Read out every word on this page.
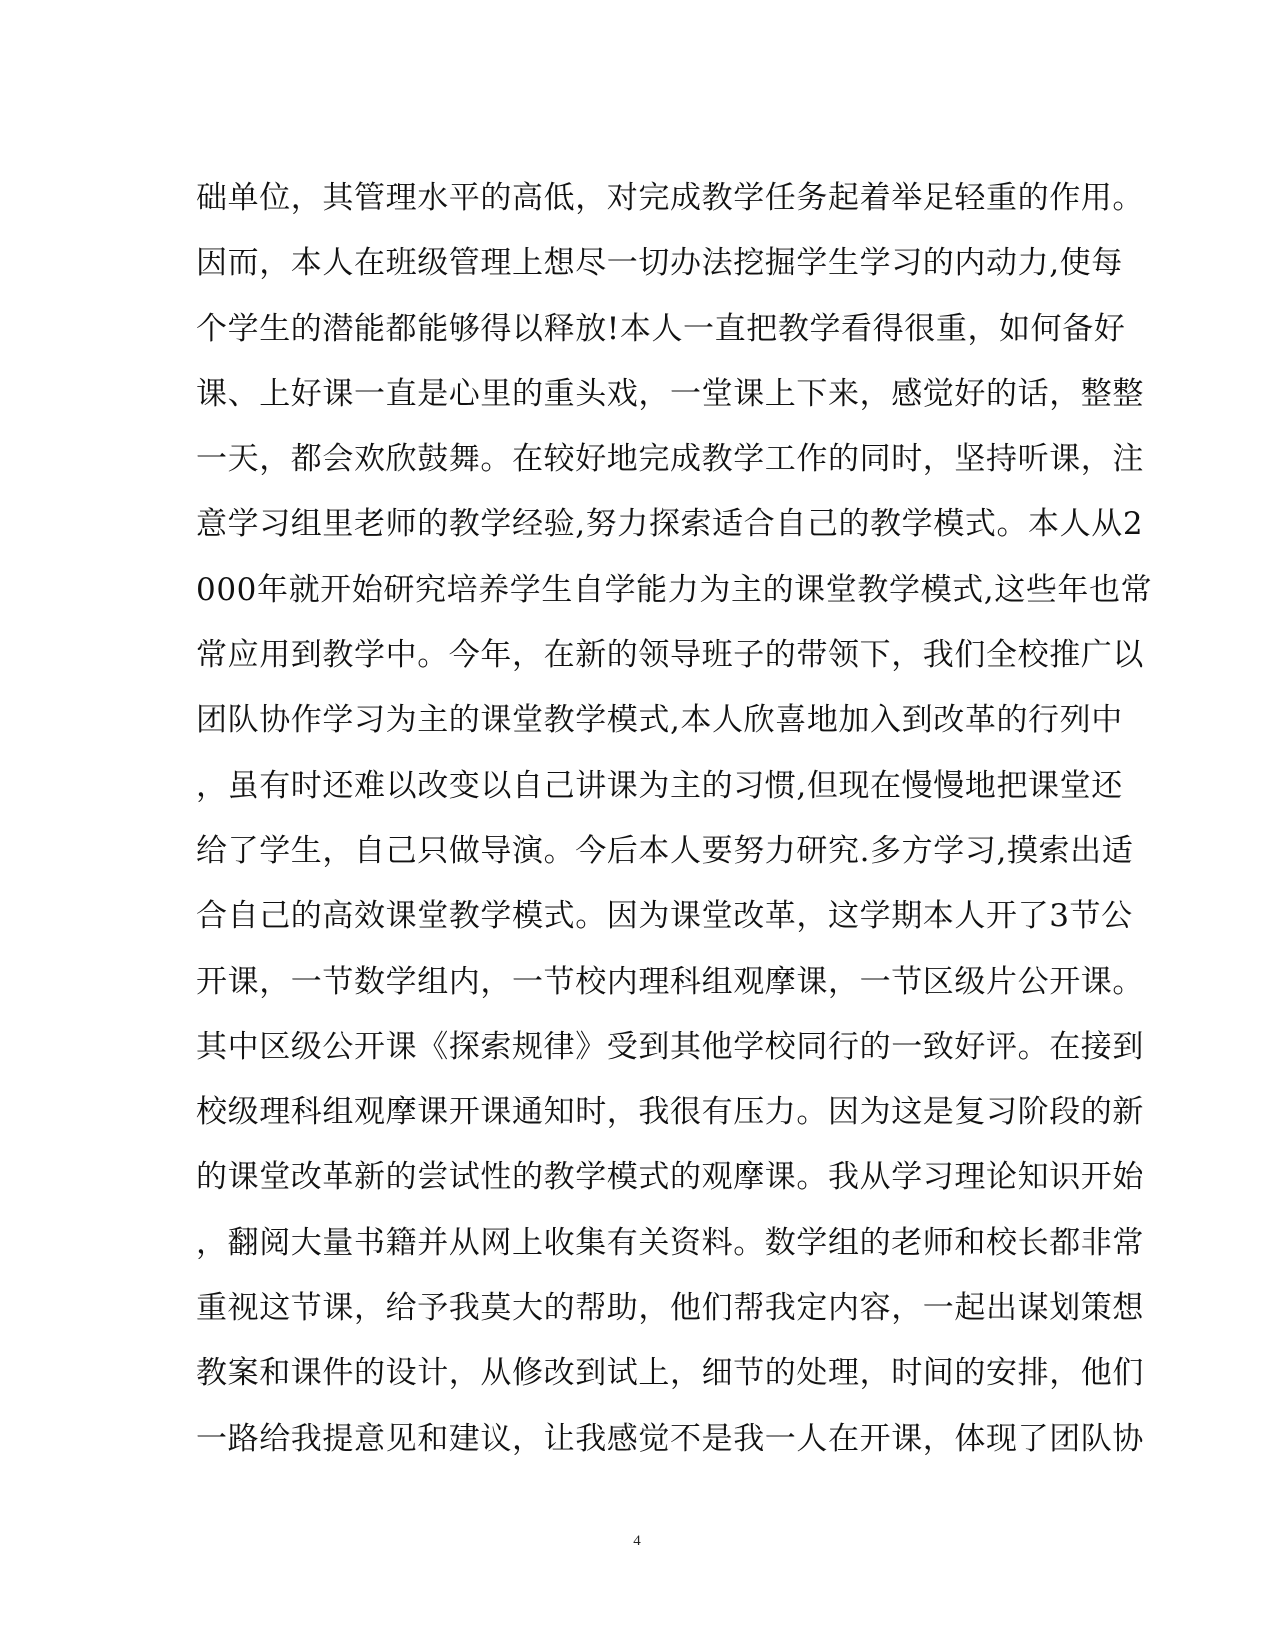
础单位，其管理水平的高低，对完成教学任务起着举足轻重的作用。
因而，本人在班级管理上想尽一切办法挖掘学生学习的内动力,使每
个学生的潜能都能够得以释放!本人一直把教学看得很重，如何备好
课、上好课一直是心里的重头戏，一堂课上下来，感觉好的话，整整
一天，都会欢欣鼓舞。在较好地完成教学工作的同时，坚持听课，注
意学习组里老师的教学经验,努力探索适合自己的教学模式。本人从2
000年就开始研究培养学生自学能力为主的课堂教学模式,这些年也常
常应用到教学中。今年，在新的领导班子的带领下，我们全校推广以
团队协作学习为主的课堂教学模式,本人欣喜地加入到改革的行列中
，虽有时还难以改变以自己讲课为主的习惯,但现在慢慢地把课堂还
给了学生，自己只做导演。今后本人要努力研究.多方学习,摸索出适
合自己的高效课堂教学模式。因为课堂改革，这学期本人开了3节公
开课，一节数学组内，一节校内理科组观摩课，一节区级片公开课。
其中区级公开课《探索规律》受到其他学校同行的一致好评。在接到
校级理科组观摩课开课通知时，我很有压力。因为这是复习阶段的新
的课堂改革新的尝试性的教学模式的观摩课。我从学习理论知识开始
，翻阅大量书籍并从网上收集有关资料。数学组的老师和校长都非常
重视这节课，给予我莫大的帮助，他们帮我定内容，一起出谋划策想
教案和课件的设计，从修改到试上，细节的处理，时间的安排，他们
一路给我提意见和建议，让我感觉不是我一人在开课，体现了团队协
4
